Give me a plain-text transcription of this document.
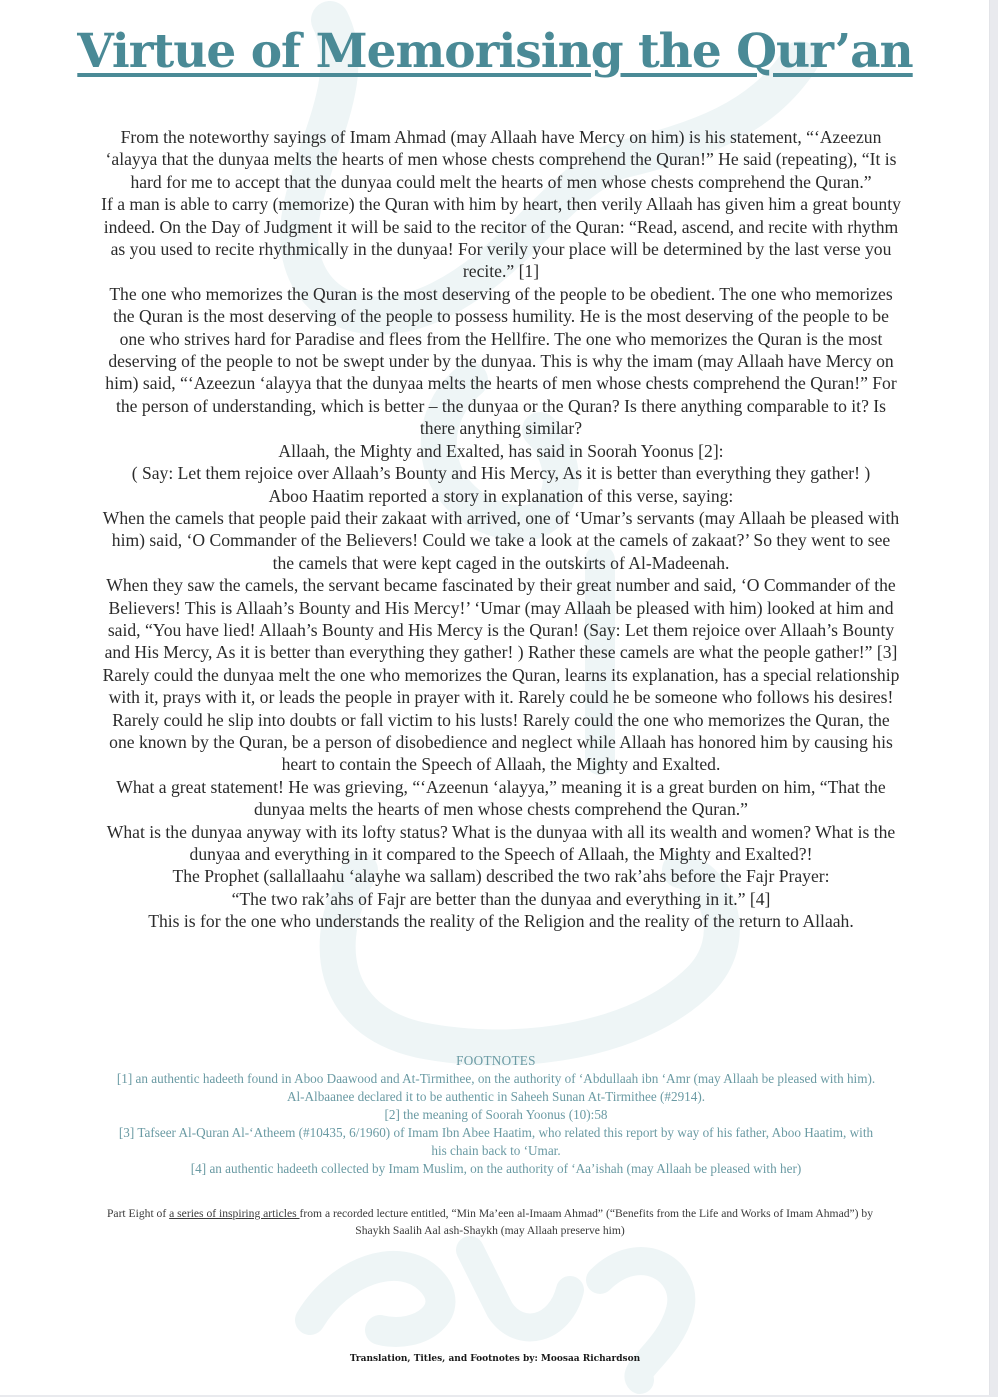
Virtue of Memorising the Qur’an

From the noteworthy sayings of Imam Ahmad (may Allaah have Mercy on him) is his statement, “‘Azeezun ‘alayya that the dunyaa melts the hearts of men whose chests comprehend the Quran!” He said (repeating), “It is hard for me to accept that the dunyaa could melt the hearts of men whose chests comprehend the Quran.”

If a man is able to carry (memorize) the Quran with him by heart, then verily Allaah has given him a great bounty indeed. On the Day of Judgment it will be said to the recitor of the Quran: “Read, ascend, and recite with rhythm as you used to recite rhythmically in the dunyaa! For verily your place will be determined by the last verse you recite.” [1]

The one who memorizes the Quran is the most deserving of the people to be obedient. The one who memorizes the Quran is the most deserving of the people to possess humility. He is the most deserving of the people to be one who strives hard for Paradise and flees from the Hellfire. The one who memorizes the Quran is the most deserving of the people to not be swept under by the dunyaa. This is why the imam (may Allaah have Mercy on him) said, “‘Azeezun ‘alayya that the dunyaa melts the hearts of men whose chests comprehend the Quran!” For the person of understanding, which is better – the dunyaa or the Quran? Is there anything comparable to it? Is there anything similar?

Allaah, the Mighty and Exalted, has said in Soorah Yoonus [2]:

( Say: Let them rejoice over Allaah’s Bounty and His Mercy, As it is better than everything they gather! )

Aboo Haatim reported a story in explanation of this verse, saying:

When the camels that people paid their zakaat with arrived, one of ‘Umar’s servants (may Allaah be pleased with him) said, ‘O Commander of the Believers! Could we take a look at the camels of zakaat?’ So they went to see the camels that were kept caged in the outskirts of Al-Madeenah.

When they saw the camels, the servant became fascinated by their great number and said, ‘O Commander of the Believers! This is Allaah’s Bounty and His Mercy!’ ‘Umar (may Allaah be pleased with him) looked at him and said, “You have lied! Allaah’s Bounty and His Mercy is the Quran! (Say: Let them rejoice over Allaah’s Bounty and His Mercy, As it is better than everything they gather! ) Rather these camels are what the people gather!” [3]

Rarely could the dunyaa melt the one who memorizes the Quran, learns its explanation, has a special relationship with it, prays with it, or leads the people in prayer with it. Rarely could he be someone who follows his desires! Rarely could he slip into doubts or fall victim to his lusts! Rarely could the one who memorizes the Quran, the one known by the Quran, be a person of disobedience and neglect while Allaah has honored him by causing his heart to contain the Speech of Allaah, the Mighty and Exalted.

What a great statement! He was grieving, “‘Azeenun ‘alayya,” meaning it is a great burden on him, “That the dunyaa melts the hearts of men whose chests comprehend the Quran.”

What is the dunyaa anyway with its lofty status? What is the dunyaa with all its wealth and women? What is the dunyaa and everything in it compared to the Speech of Allaah, the Mighty and Exalted?!

The Prophet (sallallaahu ‘alayhe wa sallam) described the two rak’ahs before the Fajr Prayer:

“The two rak’ahs of Fajr are better than the dunyaa and everything in it.” [4]

This is for the one who understands the reality of the Religion and the reality of the return to Allaah.

FOOTNOTES

[1] an authentic hadeeth found in Aboo Daawood and At-Tirmithee, on the authority of ‘Abdullaah ibn ‘Amr (may Allaah be pleased with him). Al-Albaanee declared it to be authentic in Saheeh Sunan At-Tirmithee (#2914).

[2] the meaning of Soorah Yoonus (10):58

[3] Tafseer Al-Quran Al-‘Atheem (#10435, 6/1960) of Imam Ibn Abee Haatim, who related this report by way of his father, Aboo Haatim, with his chain back to ‘Umar.

[4] an authentic hadeeth collected by Imam Muslim, on the authority of ‘Aa’ishah (may Allaah be pleased with her)

Part Eight of a series of inspiring articles from a recorded lecture entitled, “Min Ma’een al-Imaam Ahmad” (“Benefits from the Life and Works of Imam Ahmad”) by Shaykh Saalih Aal ash-Shaykh (may Allaah preserve him)
Translation, Titles, and Footnotes by: Moosaa Richardson
